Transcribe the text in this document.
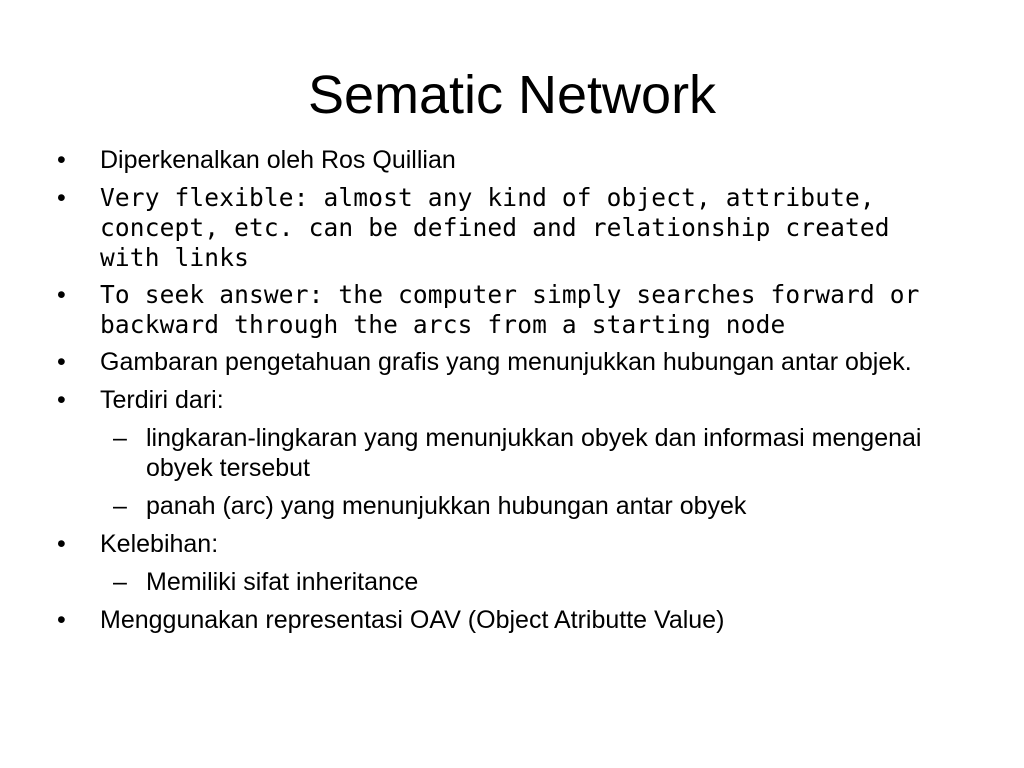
Sematic Network
•	Diperkenalkan oleh Ros Quillian
•	Very flexible: almost any kind of object, attribute, concept, etc. can be defined and relationship created with links
•	To seek answer: the computer simply searches forward or backward through the arcs from a starting node
•	Gambaran pengetahuan grafis yang menunjukkan hubungan antar objek.
•	Terdiri dari:
– lingkaran-lingkaran yang menunjukkan obyek dan informasi mengenai obyek tersebut
– panah (arc) yang menunjukkan hubungan antar obyek
•	Kelebihan:
– Memiliki sifat inheritance
•	Menggunakan representasi OAV (Object Atributte Value)
